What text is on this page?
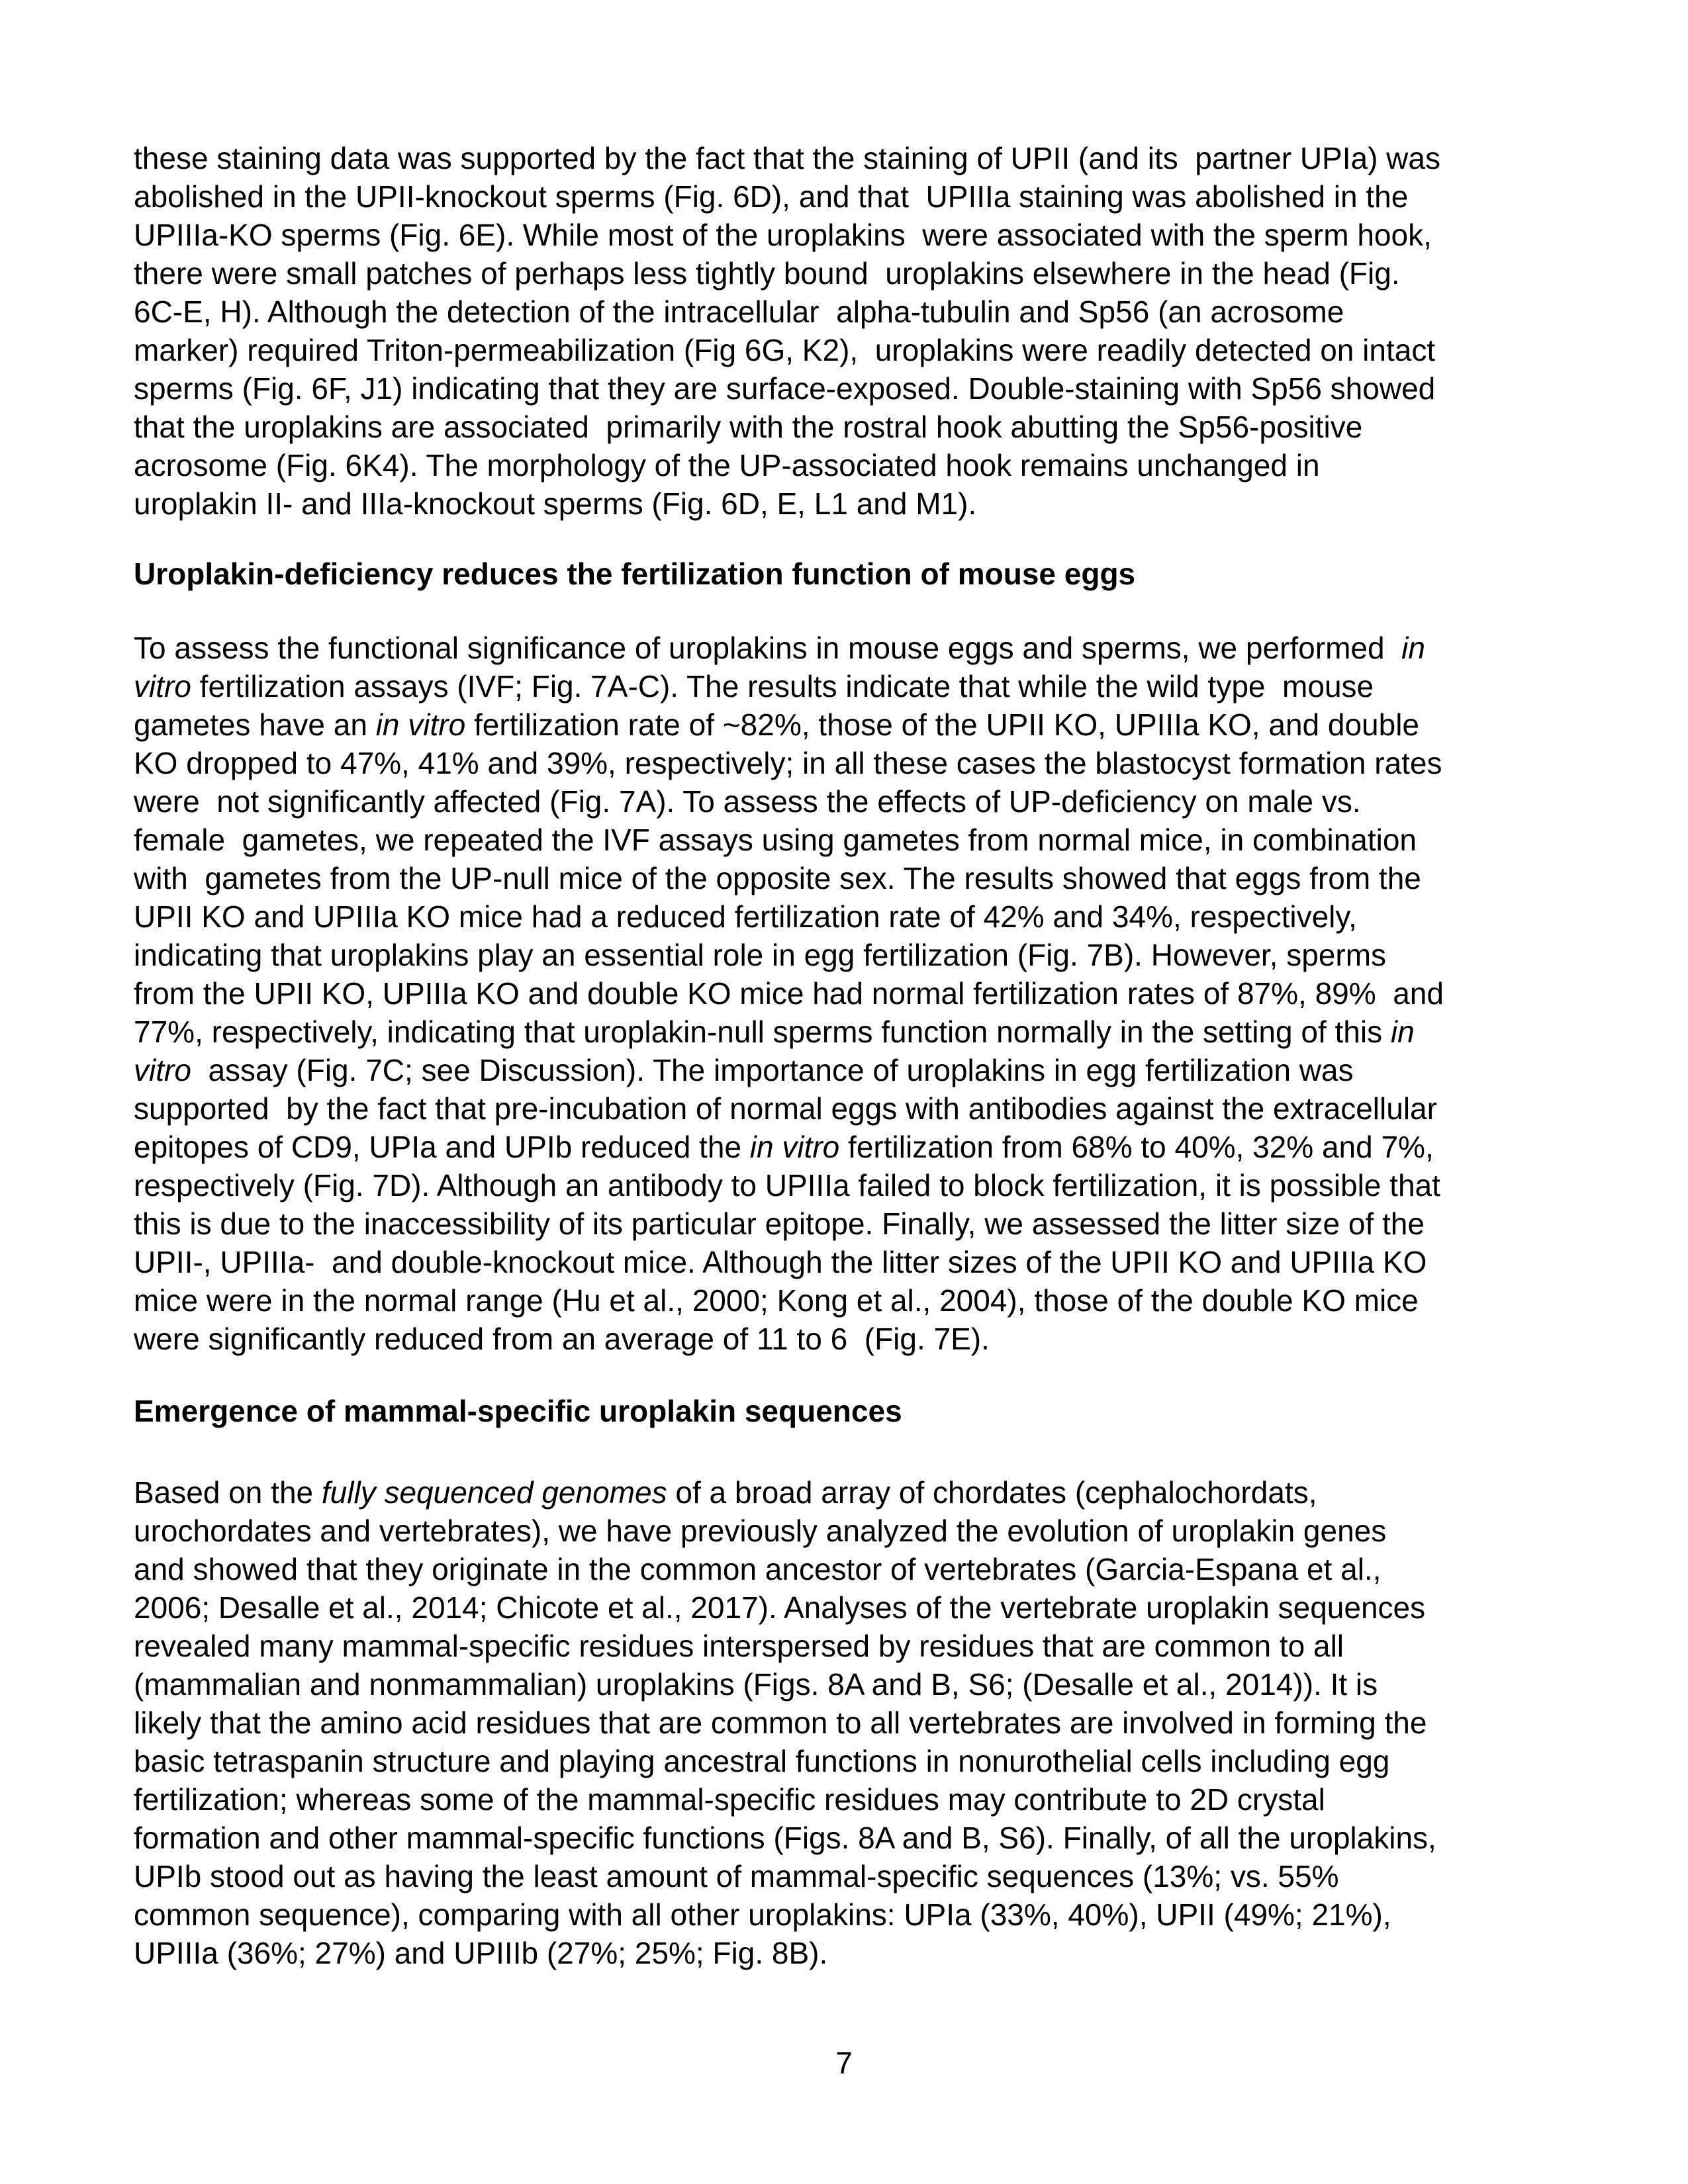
these staining data was supported by the fact that the staining of UPII (and its  partner UPIa) was
abolished in the UPII-knockout sperms (Fig. 6D), and that  UPIIIa staining was abolished in the
UPIIIa-KO sperms (Fig. 6E). While most of the uroplakins  were associated with the sperm hook,
there were small patches of perhaps less tightly bound  uroplakins elsewhere in the head (Fig.
6C-E, H). Although the detection of the intracellular  alpha-tubulin and Sp56 (an acrosome
marker) required Triton-permeabilization (Fig 6G, K2),  uroplakins were readily detected on intact
sperms (Fig. 6F, J1) indicating that they are surface-exposed. Double-staining with Sp56 showed
that the uroplakins are associated  primarily with the rostral hook abutting the Sp56-positive
acrosome (Fig. 6K4). The morphology of the UP-associated hook remains unchanged in
uroplakin II- and IIIa-knockout sperms (Fig. 6D, E, L1 and M1).
Uroplakin-deficiency reduces the fertilization function of mouse eggs
To assess the functional significance of uroplakins in mouse eggs and sperms, we performed  in
vitro fertilization assays (IVF; Fig. 7A-C). The results indicate that while the wild type  mouse
gametes have an in vitro fertilization rate of ~82%, those of the UPII KO, UPIIIa KO, and double
KO dropped to 47%, 41% and 39%, respectively; in all these cases the blastocyst formation rates
were  not significantly affected (Fig. 7A). To assess the effects of UP-deficiency on male vs.
female  gametes, we repeated the IVF assays using gametes from normal mice, in combination
with  gametes from the UP-null mice of the opposite sex. The results showed that eggs from the
UPII KO and UPIIIa KO mice had a reduced fertilization rate of 42% and 34%, respectively,
indicating that uroplakins play an essential role in egg fertilization (Fig. 7B). However, sperms
from the UPII KO, UPIIIa KO and double KO mice had normal fertilization rates of 87%, 89%  and
77%, respectively, indicating that uroplakin-null sperms function normally in the setting of this in
vitro  assay (Fig. 7C; see Discussion). The importance of uroplakins in egg fertilization was
supported  by the fact that pre-incubation of normal eggs with antibodies against the extracellular
epitopes of CD9, UPIa and UPIb reduced the in vitro fertilization from 68% to 40%, 32% and 7%,
respectively (Fig. 7D). Although an antibody to UPIIIa failed to block fertilization, it is possible that
this is due to the inaccessibility of its particular epitope. Finally, we assessed the litter size of the
UPII-, UPIIIa-  and double-knockout mice. Although the litter sizes of the UPII KO and UPIIIa KO
mice were in the normal range (Hu et al., 2000; Kong et al., 2004), those of the double KO mice
were significantly reduced from an average of 11 to 6  (Fig. 7E).
Emergence of mammal-specific uroplakin sequences
Based on the fully sequenced genomes of a broad array of chordates (cephalochordats,
urochordates and vertebrates), we have previously analyzed the evolution of uroplakin genes
and showed that they originate in the common ancestor of vertebrates (Garcia-Espana et al.,
2006; Desalle et al., 2014; Chicote et al., 2017). Analyses of the vertebrate uroplakin sequences
revealed many mammal-specific residues interspersed by residues that are common to all
(mammalian and nonmammalian) uroplakins (Figs. 8A and B, S6; (Desalle et al., 2014)). It is
likely that the amino acid residues that are common to all vertebrates are involved in forming the
basic tetraspanin structure and playing ancestral functions in nonurothelial cells including egg
fertilization; whereas some of the mammal-specific residues may contribute to 2D crystal
formation and other mammal-specific functions (Figs. 8A and B, S6). Finally, of all the uroplakins,
UPIb stood out as having the least amount of mammal-specific sequences (13%; vs. 55%
common sequence), comparing with all other uroplakins: UPIa (33%, 40%), UPII (49%; 21%),
UPIIIa (36%; 27%) and UPIIIb (27%; 25%; Fig. 8B).
7
